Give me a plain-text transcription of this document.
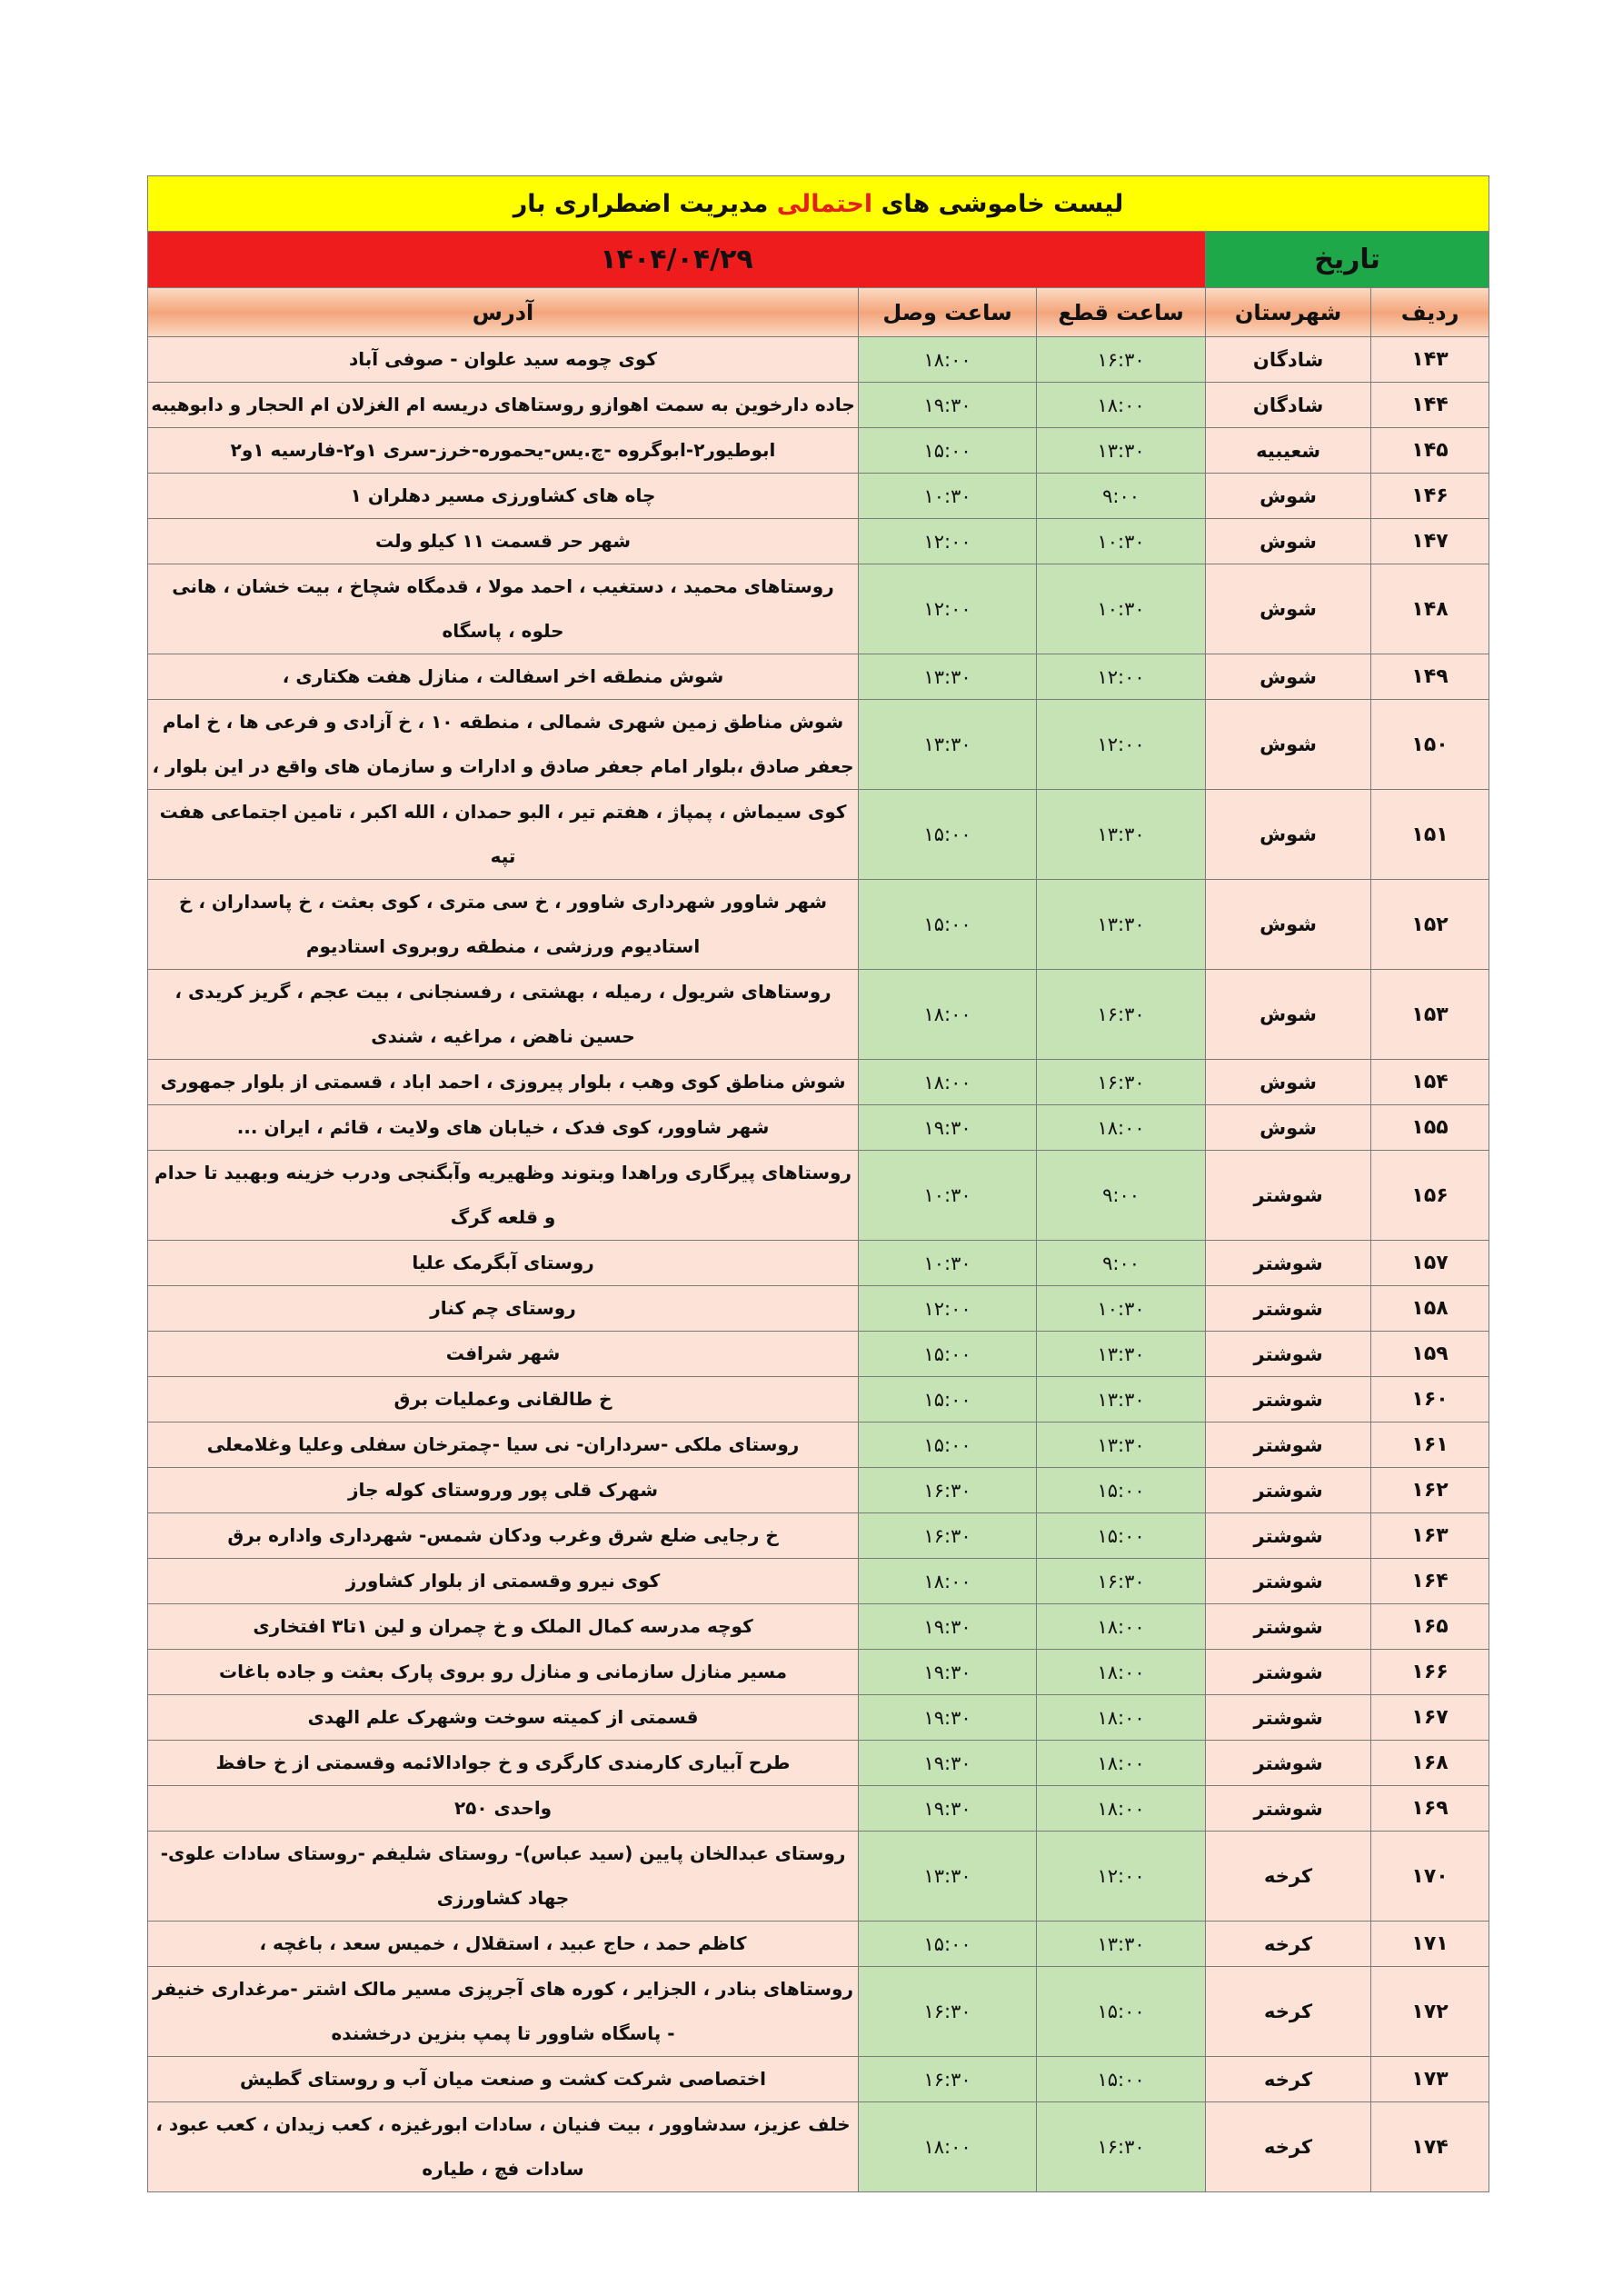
لیست خاموشی های احتمالی مدیریت اضطراری بار				
تاریخ		۱۴۰۴/۰۴/۲۹		
ردیف	شهرستان	ساعت قطع	ساعت وصل	آدرس
۱۴۳	شادگان	۱۶:۳۰	۱۸:۰۰	کوی چومه سید علوان - صوفی آباد
۱۴۴	شادگان	۱۸:۰۰	۱۹:۳۰	جاده دارخوین به سمت اهوازو روستاهای دریسه ام الغزلان ام الحجار و دابوهیبه
۱۴۵	شعیبیه	۱۳:۳۰	۱۵:۰۰	ابوطیور۲-ابوگروه -چ.یس-یحموره-خرز-سری ۱و۲-فارسیه ۱و۲
۱۴۶	شوش	۹:۰۰	۱۰:۳۰	چاه های کشاورزی مسیر دهلران ۱
۱۴۷	شوش	۱۰:۳۰	۱۲:۰۰	شهر حر قسمت ۱۱ کیلو ولت
۱۴۸	شوش	۱۰:۳۰	۱۲:۰۰	روستاهای محمید ، دستغیب ، احمد مولا ، قدمگاه شچاخ ، بیت خشان ، هانی حلوه ، پاسگاه
۱۴۹	شوش	۱۲:۰۰	۱۳:۳۰	شوش منطقه اخر اسفالت ، منازل هفت هکتاری ،
۱۵۰	شوش	۱۲:۰۰	۱۳:۳۰	شوش مناطق زمین شهری شمالی ، منطقه ۱۰ ، خ آزادی و فرعی ها ، خ امام جعفر صادق ،بلوار امام جعفر صادق و ادارات و سازمان های واقع در این بلوار ،
۱۵۱	شوش	۱۳:۳۰	۱۵:۰۰	کوی سیماش ، پمپاژ ، هفتم تیر ، البو حمدان ، الله اکبر ، تامین اجتماعی هفت تپه
۱۵۲	شوش	۱۳:۳۰	۱۵:۰۰	شهر شاوور شهرداری شاوور ، خ سی متری ، کوی بعثت ، خ پاسداران ، خ استادیوم ورزشی ، منطقه روبروی استادیوم
۱۵۳	شوش	۱۶:۳۰	۱۸:۰۰	روستاهای شریول ، رمیله ، بهشتی ، رفسنجانی ، بیت عجم ، گریز کریدی ، حسین ناهض ، مراغیه ، شندی
۱۵۴	شوش	۱۶:۳۰	۱۸:۰۰	شوش مناطق کوی وهب ، بلوار پیروزی ، احمد اباد ، قسمتی از بلوار جمهوری
۱۵۵	شوش	۱۸:۰۰	۱۹:۳۰	شهر شاوور، کوی فدک ، خیابان های ولایت ، قائم ، ایران ...
۱۵۶	شوشتر	۹:۰۰	۱۰:۳۰	روستاهای پیرگاری وراهدا وبتوند وظهیریه وآبگنجی ودرب خزینه وبهبید تا حدام و قلعه گرگ
۱۵۷	شوشتر	۹:۰۰	۱۰:۳۰	روستای آبگرمک علیا
۱۵۸	شوشتر	۱۰:۳۰	۱۲:۰۰	روستای چم کنار
۱۵۹	شوشتر	۱۳:۳۰	۱۵:۰۰	شهر شرافت
۱۶۰	شوشتر	۱۳:۳۰	۱۵:۰۰	خ طالقانی وعملیات برق
۱۶۱	شوشتر	۱۳:۳۰	۱۵:۰۰	روستای ملکی -سرداران- نی سیا -چمترخان سفلی وعلیا وغلامعلی
۱۶۲	شوشتر	۱۵:۰۰	۱۶:۳۰	شهرک قلی پور وروستای کوله جاز
۱۶۳	شوشتر	۱۵:۰۰	۱۶:۳۰	خ رجایی ضلع شرق وغرب ودکان شمس- شهرداری واداره برق
۱۶۴	شوشتر	۱۶:۳۰	۱۸:۰۰	کوی نیرو وقسمتی از بلوار کشاورز
۱۶۵	شوشتر	۱۸:۰۰	۱۹:۳۰	کوچه مدرسه کمال الملک و خ چمران و لین ۱تا۳ افتخاری
۱۶۶	شوشتر	۱۸:۰۰	۱۹:۳۰	مسیر منازل سازمانی و منازل رو بروی پارک بعثت و جاده باغات
۱۶۷	شوشتر	۱۸:۰۰	۱۹:۳۰	قسمتی از کمیته سوخت وشهرک علم الهدی
۱۶۸	شوشتر	۱۸:۰۰	۱۹:۳۰	طرح آبیاری کارمندی کارگری و خ جوادالائمه وقسمتی از خ حافظ
۱۶۹	شوشتر	۱۸:۰۰	۱۹:۳۰	واحدی ۲۵۰
۱۷۰	کرخه	۱۲:۰۰	۱۳:۳۰	روستای عبدالخان پایین (سید عباس)- روستای شلیفم -روستای سادات علوی- جهاد کشاورزی
۱۷۱	کرخه	۱۳:۳۰	۱۵:۰۰	کاظم حمد ، حاج عبید ، استقلال ، خمیس سعد ، باغچه ،
۱۷۲	کرخه	۱۵:۰۰	۱۶:۳۰	روستاهای بنادر ، الجزایر ، کوره های آجرپزی مسیر مالک اشتر -مرغداری خنیفر - پاسگاه شاوور تا پمپ بنزین درخشنده
۱۷۳	کرخه	۱۵:۰۰	۱۶:۳۰	اختصاصی شرکت کشت و صنعت میان آب و روستای گطیش
۱۷۴	کرخه	۱۶:۳۰	۱۸:۰۰	خلف عزیز، سدشاوور ، بیت فنیان ، سادات ابورغیزه ، کعب زیدان ، کعب عبود ، سادات فچ ، طیاره
